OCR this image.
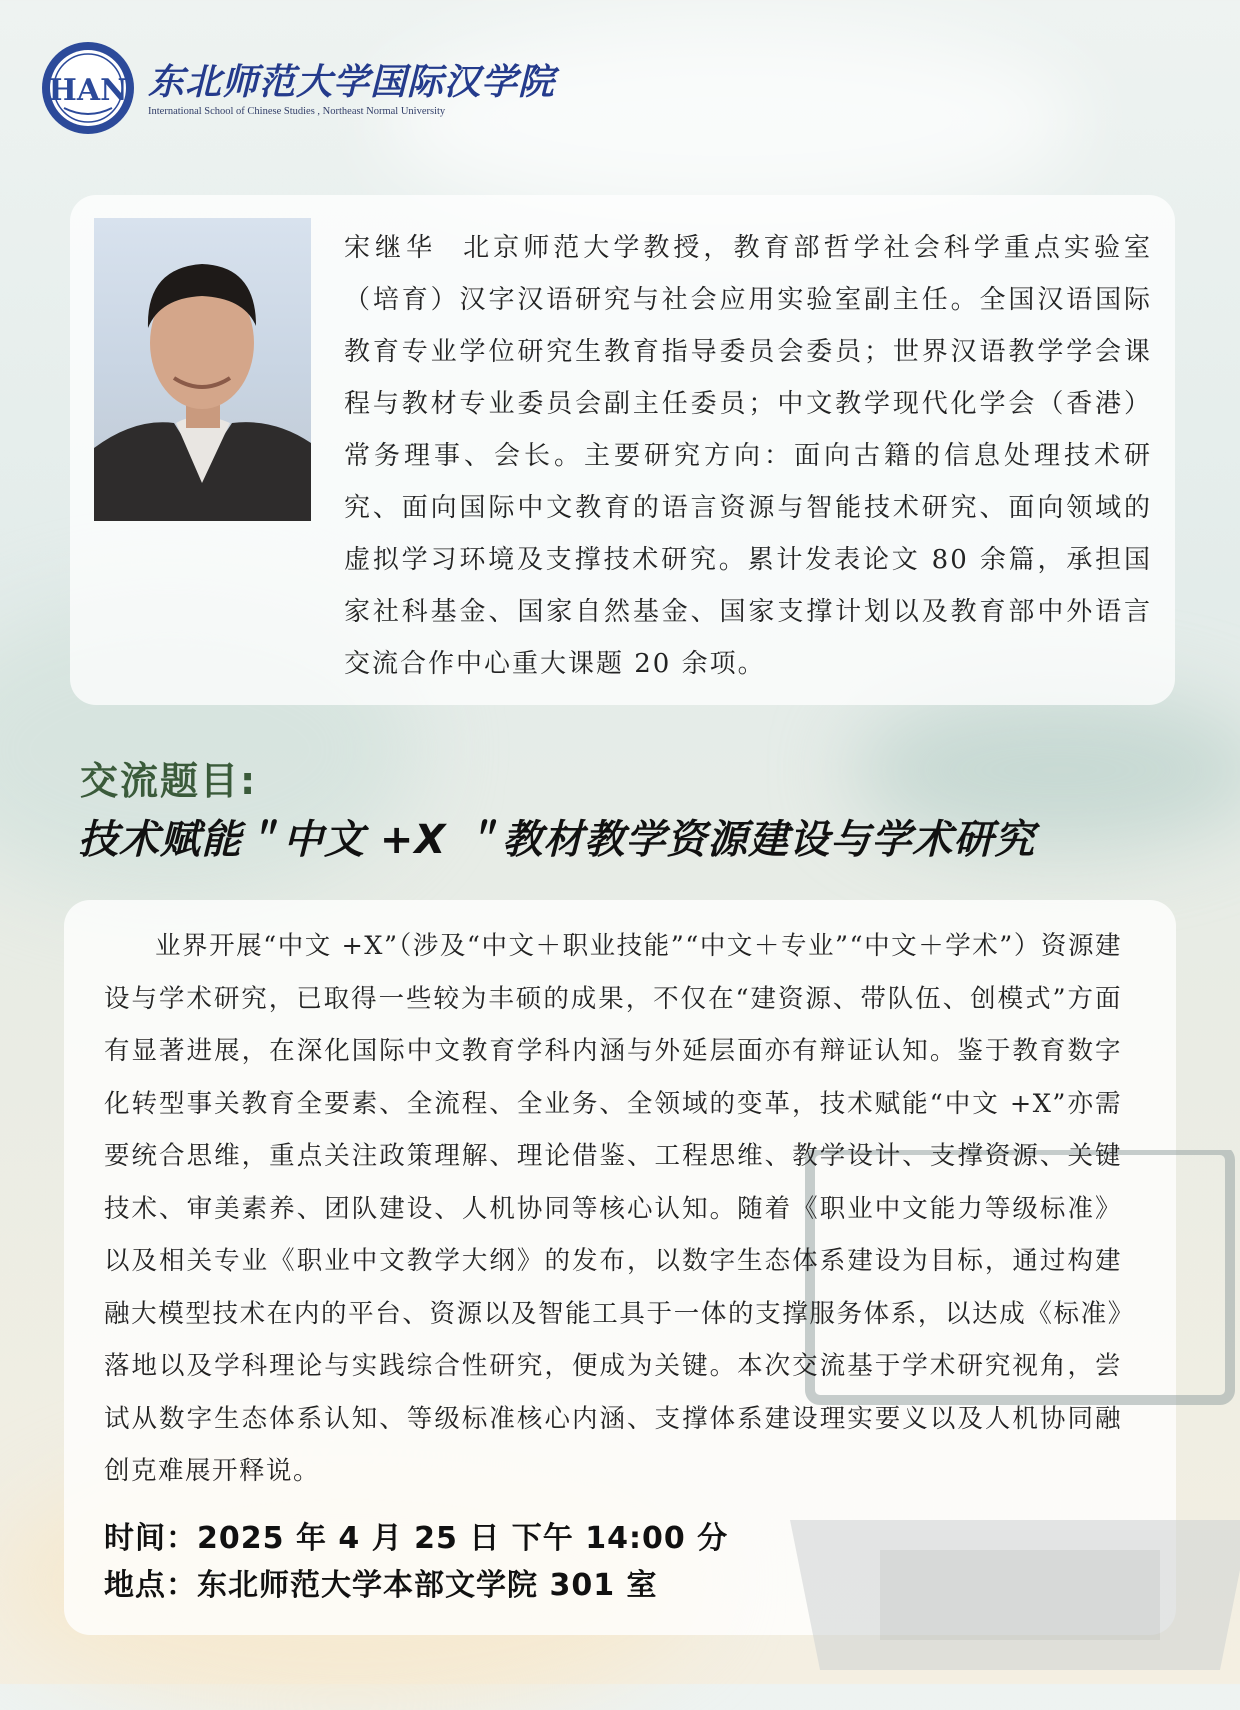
HAN 东北师范大学国际汉学院
International School of Chinese Studies , Northeast Normal University

宋继华 北京师范大学教授，教育部哲学社会科学重点实验室（培育）汉字汉语研究与社会应用实验室副主任。全国汉语国际教育专业学位研究生教育指导委员会委员；世界汉语教学学会课程与教材专业委员会副主任委员；中文教学现代化学会（香港）常务理事、会长。主要研究方向：面向古籍的信息处理技术研究、面向国际中文教育的语言资源与智能技术研究、面向领域的虚拟学习环境及支撑技术研究。累计发表论文 80 余篇，承担国家社科基金、国家自然基金、国家支撑计划以及教育部中外语言交流合作中心重大课题 20 余项。

交流题目:
技术赋能＂中文 +X ＂教材教学资源建设与学术研究

业界开展“中文 +X”（涉及“中文＋职业技能”“中文＋专业”“中文＋学术”）资源建设与学术研究，已取得一些较为丰硕的成果，不仅在“建资源、带队伍、创模式”方面有显著进展，在深化国际中文教育学科内涵与外延层面亦有辩证认知。鉴于教育数字化转型事关教育全要素、全流程、全业务、全领域的变革，技术赋能“中文 +X”亦需要统合思维，重点关注政策理解、理论借鉴、工程思维、教学设计、支撑资源、关键技术、审美素养、团队建设、人机协同等核心认知。随着《职业中文能力等级标准》以及相关专业《职业中文教学大纲》的发布，以数字生态体系建设为目标，通过构建融大模型技术在内的平台、资源以及智能工具于一体的支撑服务体系，以达成《标准》落地以及学科理论与实践综合性研究，便成为关键。本次交流基于学术研究视角，尝试从数字生态体系认知、等级标准核心内涵、支撑体系建设理实要义以及人机协同融创克难展开释说。

时间：2025 年 4 月 25 日 下午 14:00 分
地点：东北师范大学本部文学院 301 室
